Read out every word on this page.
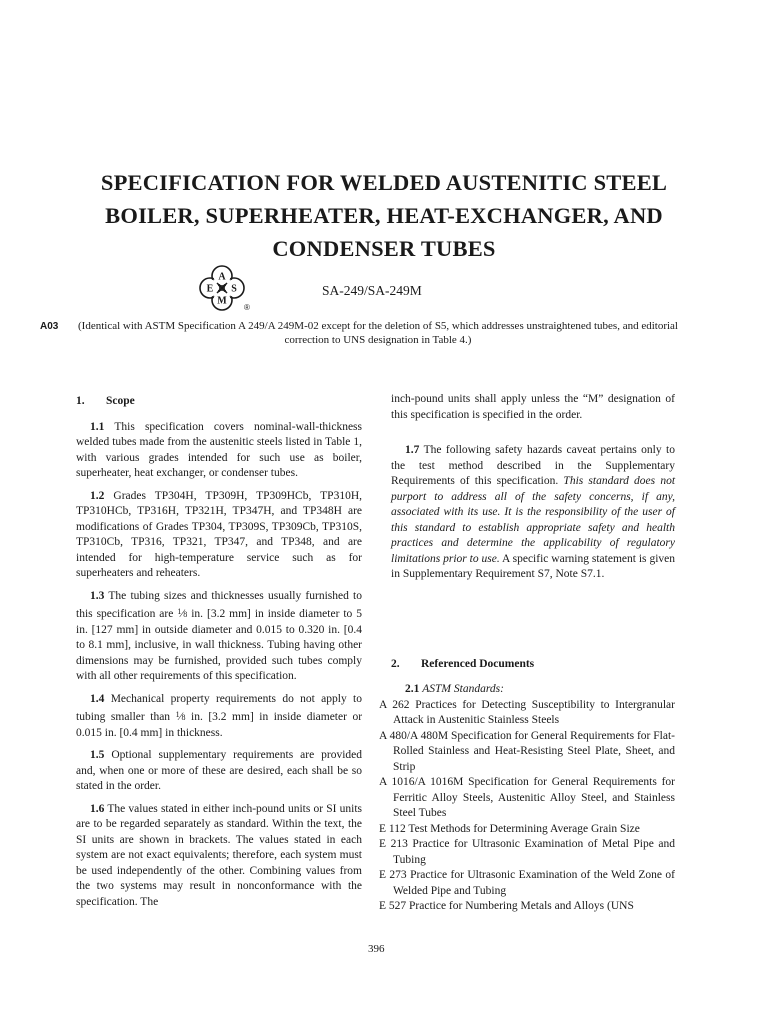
SPECIFICATION FOR WELDED AUSTENITIC STEEL
BOILER, SUPERHEATER, HEAT-EXCHANGER, AND
CONDENSER TUBES
A
S
M
E
®
SA-249/SA-249M
A03 (Identical with ASTM Specification A 249/A 249M-02 except for the deletion of S5, which addresses unstraightened tubes, and editorial correction to UNS designation in Table 4.)

1. Scope

1.1 This specification covers nominal-wall-thickness welded tubes made from the austenitic steels listed in Table 1, with various grades intended for such use as boiler, superheater, heat exchanger, or condenser tubes.

1.2 Grades TP304H, TP309H, TP309HCb, TP310H, TP310HCb, TP316H, TP321H, TP347H, and TP348H are modifications of Grades TP304, TP309S, TP309Cb, TP310S, TP310Cb, TP316, TP321, TP347, and TP348, and are intended for high-temperature service such as for superheaters and reheaters.

1.3 The tubing sizes and thicknesses usually furnished to this specification are $^1$⁄8 in. [3.2 mm] in inside diameter to 5 in. [127 mm] in outside diameter and 0.015 to 0.320 in. [0.4 to 8.1 mm], inclusive, in wall thickness. Tubing having other dimensions may be furnished, provided such tubes comply with all other requirements of this specification.

1.4 Mechanical property requirements do not apply to tubing smaller than $^1$⁄8 in. [3.2 mm] in inside diameter or 0.015 in. [0.4 mm] in thickness.

1.5 Optional supplementary requirements are provided and, when one or more of these are desired, each shall be so stated in the order.

1.6 The values stated in either inch-pound units or SI units are to be regarded separately as standard. Within the text, the SI units are shown in brackets. The values stated in each system are not exact equivalents; therefore, each system must be used independently of the other. Combining values from the two systems may result in nonconformance with the specification. The

inch-pound units shall apply unless the “M” designation of this specification is specified in the order.

1.7 The following safety hazards caveat pertains only to the test method described in the Supplementary Requirements of this specification. This standard does not purport to address all of the safety concerns, if any, associated with its use. It is the responsibility of the user of this standard to establish appropriate safety and health practices and determine the applicability of regulatory limitations prior to use. A specific warning statement is given in Supplementary Requirement S7, Note S7.1.

2. Referenced Documents

2.1 ASTM Standards:

A 262 Practices for Detecting Susceptibility to Intergranular Attack in Austenitic Stainless Steels

A 480/A 480M Specification for General Requirements for Flat-Rolled Stainless and Heat-Resisting Steel Plate, Sheet, and Strip

A 1016/A 1016M Specification for General Requirements for Ferritic Alloy Steels, Austenitic Alloy Steel, and Stainless Steel Tubes

E 112 Test Methods for Determining Average Grain Size

E 213 Practice for Ultrasonic Examination of Metal Pipe and Tubing

E 273 Practice for Ultrasonic Examination of the Weld Zone of Welded Pipe and Tubing

E 527 Practice for Numbering Metals and Alloys (UNS

396
